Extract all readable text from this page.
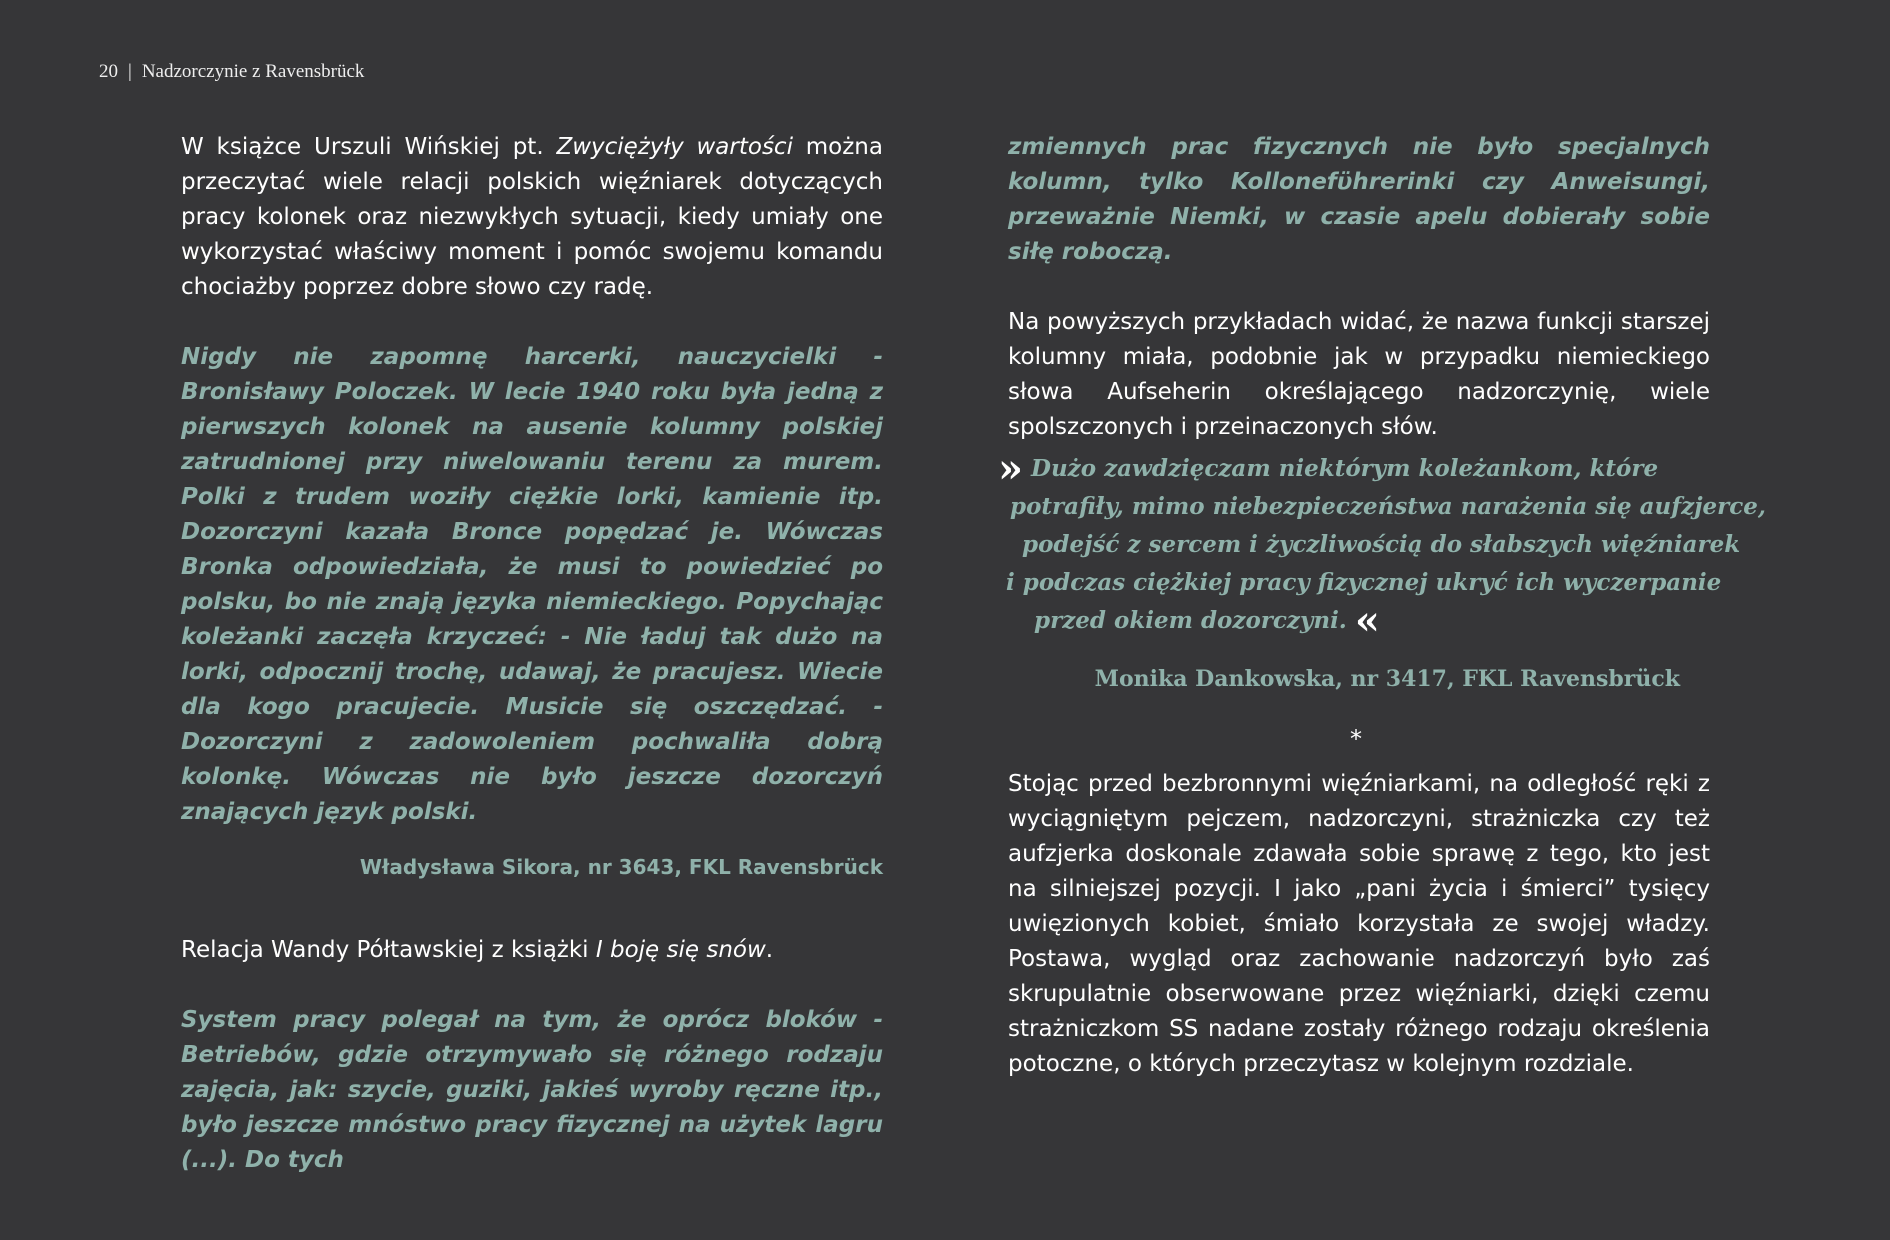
20 | Nadzorczynie z Ravensbrück

W książce Urszuli Wińskiej pt. Zwyciężyły wartości można przeczytać wiele relacji polskich więźniarek dotyczących pracy kolonek oraz niezwykłych sytuacji, kiedy umiały one wykorzystać właściwy moment i pomóc swojemu komandu chociażby poprzez dobre słowo czy radę.

Nigdy nie zapomnę harcerki, nauczycielki - Bronisławy Poloczek. W lecie 1940 roku była jedną z pierwszych kolonek na ausenie kolumny polskiej zatrudnionej przy niwelowaniu terenu za murem. Polki z trudem woziły ciężkie lorki, kamienie itp. Dozorczyni kazała Bronce popędzać je. Wówczas Bronka odpowiedziała, że musi to powiedzieć po polsku, bo nie znają języka niemieckiego. Popychając koleżanki zaczęła krzyczeć: - Nie ładuj tak dużo na lorki, odpocznij trochę, udawaj, że pracujesz. Wiecie dla kogo pracujecie. Musicie się oszczędzać. - Dozorczyni z zadowoleniem pochwaliła dobrą kolonkę. Wówczas nie było jeszcze dozorczyń znających język polski.

Władysława Sikora, nr 3643, FKL Ravensbrück

Relacja Wandy Półtawskiej z książki I boję się snów.

System pracy polegał na tym, że oprócz bloków - Betriebów, gdzie otrzymywało się różnego rodzaju zajęcia, jak: szycie, guziki, jakieś wyroby ręczne itp., było jeszcze mnóstwo pracy fizycznej na użytek lagru (...). Do tych

zmiennych prac fizycznych nie było specjalnych kolumn, tylko Kollonefϋhrerinki czy Anweisungi, przeważnie Niemki, w czasie apelu dobierały sobie siłę roboczą.

Na powyższych przykładach widać, że nazwa funkcji starszej kolumny miała, podobnie jak w przypadku niemieckiego słowa Aufseherin określającego nadzorczynię, wiele spolszczonych i przeinaczonych słów.

» Dużo zawdzięczam niektórym koleżankom, które
potrafiły, mimo niebezpieczeństwa narażenia się aufzjerce,
podejść z sercem i życzliwością do słabszych więźniarek
i podczas ciężkiej pracy fizycznej ukryć ich wyczerpanie
przed okiem dozorczyni. «
Monika Dankowska, nr 3417, FKL Ravensbrück
*

Stojąc przed bezbronnymi więźniarkami, na odległość ręki z wyciągniętym pejczem, nadzorczyni, strażniczka czy też aufzjerka doskonale zdawała sobie sprawę z tego, kto jest na silniejszej pozycji. I jako „pani życia i śmierci” tysięcy uwięzionych kobiet, śmiało korzystała ze swojej władzy. Postawa, wygląd oraz zachowanie nadzorczyń było zaś skrupulatnie obserwowane przez więźniarki, dzięki czemu strażniczkom SS nadane zostały różnego rodzaju określenia potoczne, o których przeczytasz w kolejnym rozdziale.
